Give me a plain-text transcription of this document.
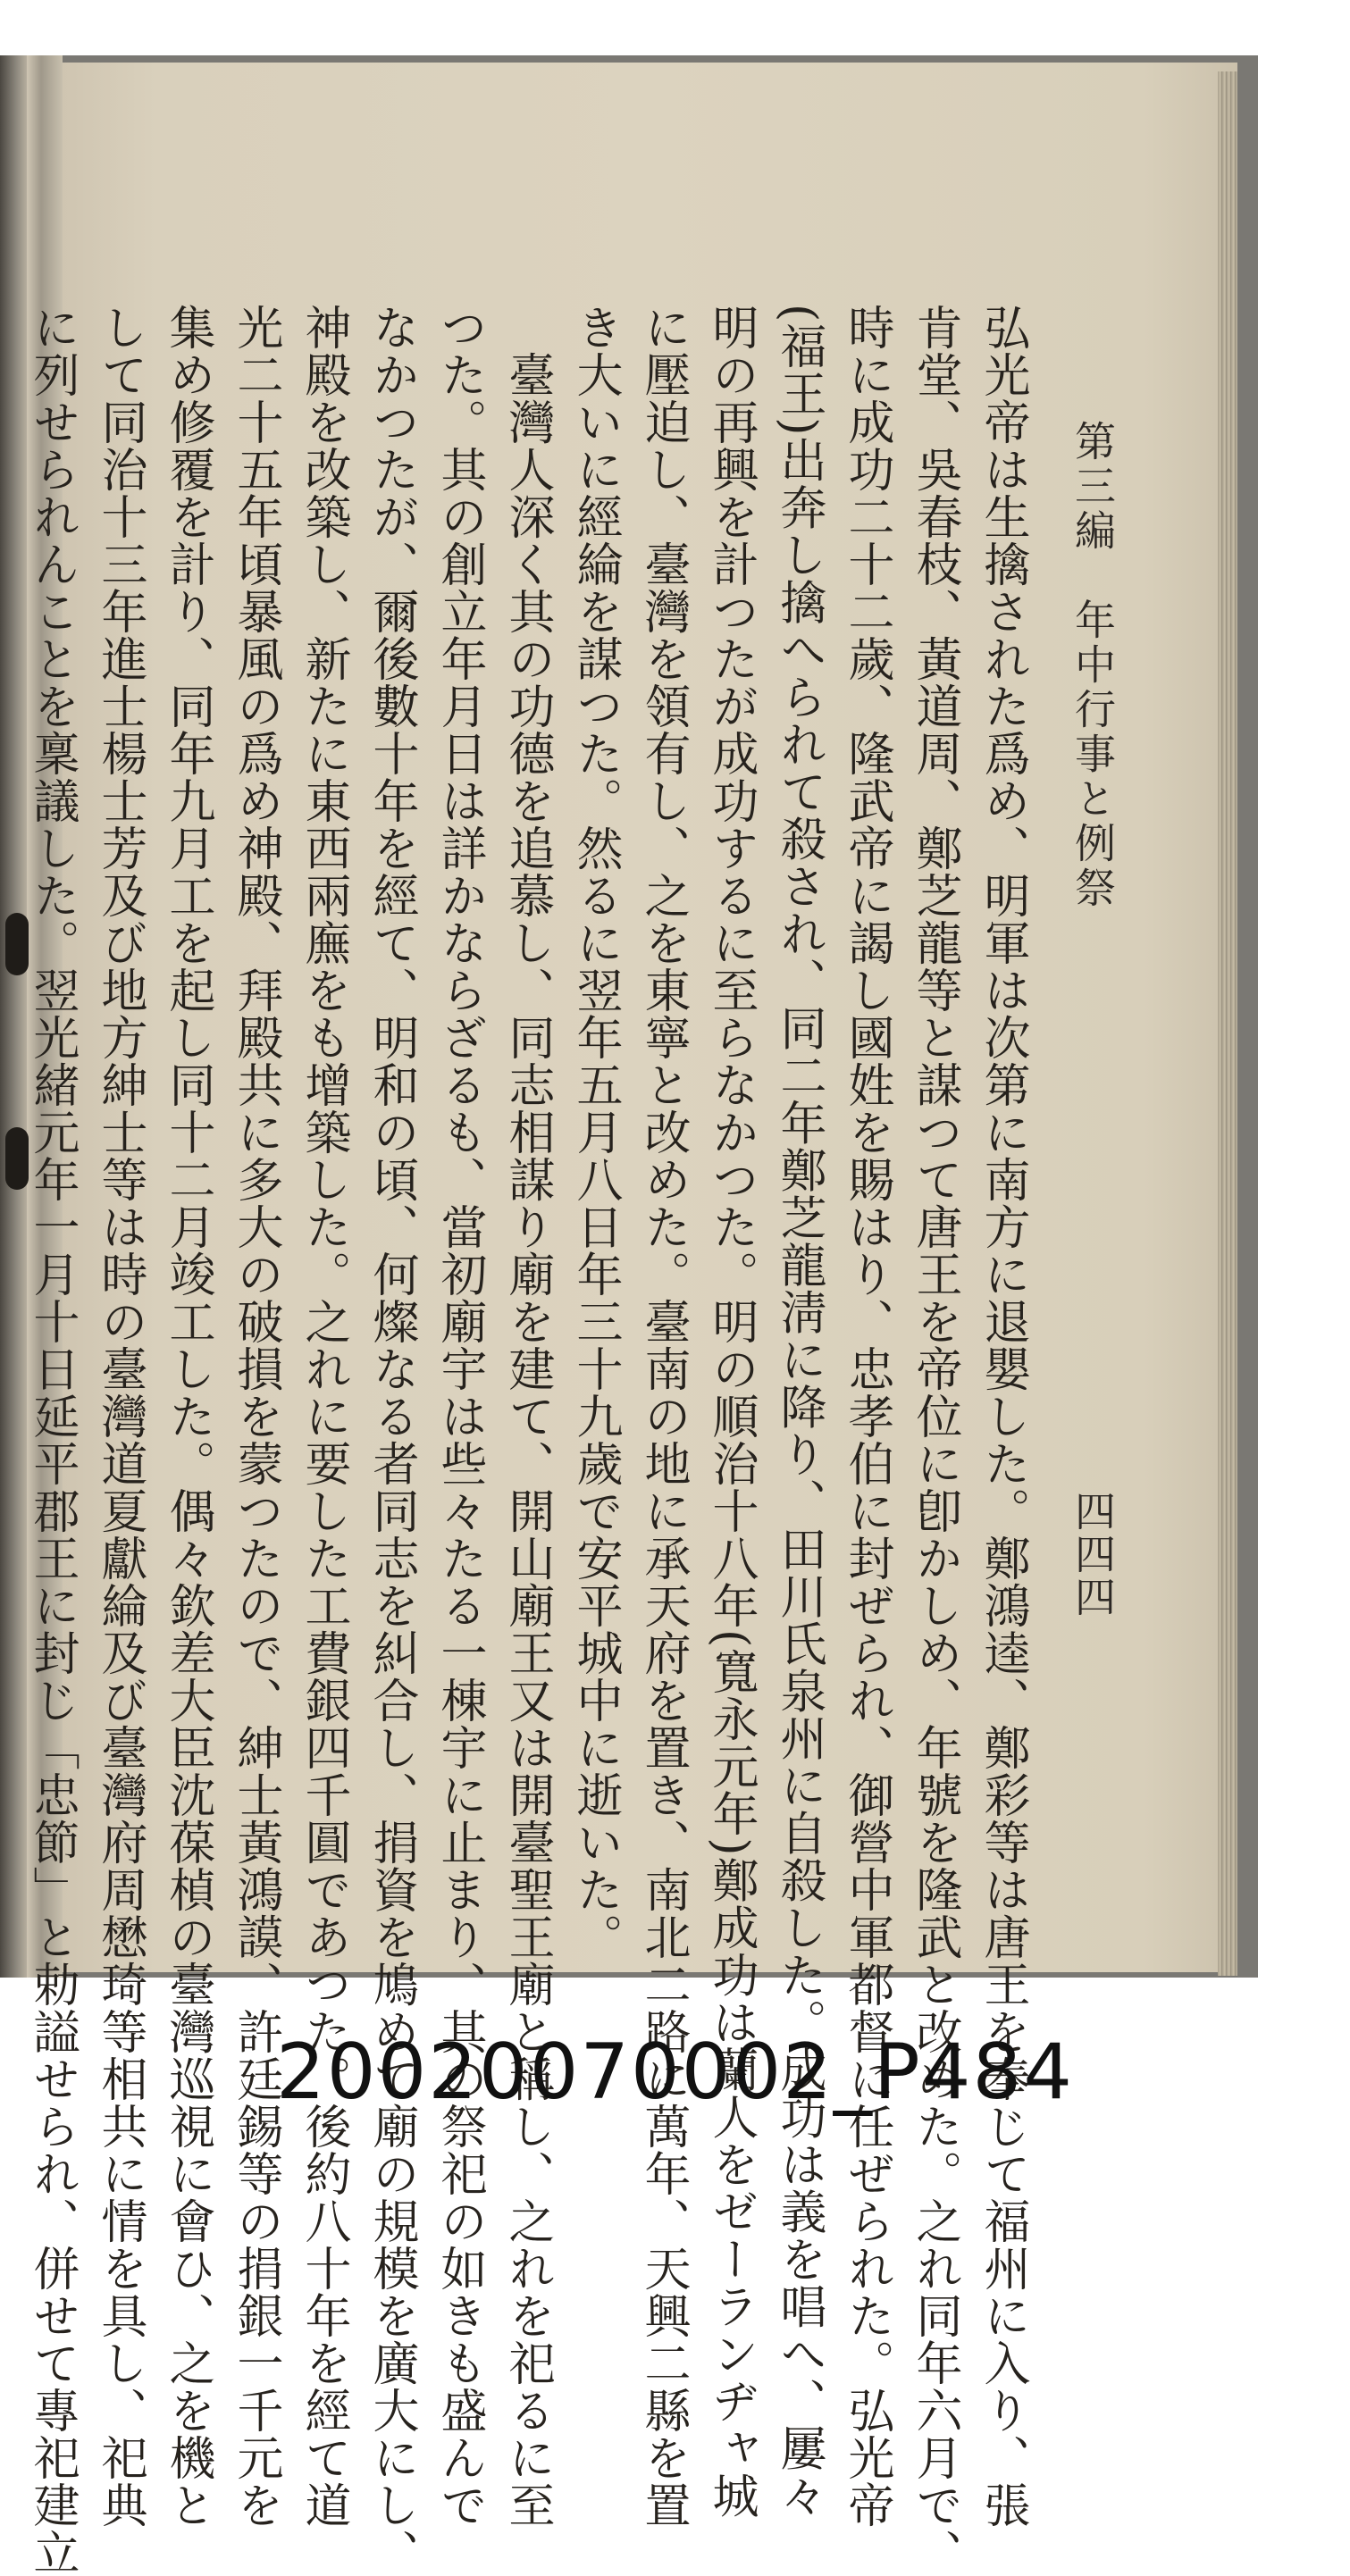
第三編　年中行事と例祭
四四四
弘光帝は生擒された爲め、明軍は次第に南方に退嬰した。鄭鴻逵、鄭彩等は唐王を奉じて福州に入り、張
肯堂、吳春枝、黃道周、鄭芝龍等と謀つて唐王を帝位に卽かしめ、年號を隆武と改めた。之れ同年六月で、
時に成功二十二歲、隆武帝に謁し國姓を賜はり、忠孝伯に封ぜられ、御營中軍都督に任ぜられた。弘光帝
(福王)出奔し擒へられて殺され、同二年鄭芝龍淸に降り、田川氏泉州に自殺した。成功は義を唱へ、屢々
明の再興を計つたが成功するに至らなかつた。明の順治十八年(寬永元年)鄭成功は蘭人をゼーランヂャ城
に壓迫し、臺灣を領有し、之を東寧と改めた。臺南の地に承天府を置き、南北二路に萬年、天興二縣を置
き大いに經綸を謀つた。然るに翌年五月八日年三十九歲で安平城中に逝いた。
　臺灣人深く其の功德を追慕し、同志相謀り廟を建て、開山廟王又は開臺聖王廟と稱し、之れを祀るに至
つた。其の創立年月日は詳かならざるも、當初廟宇は些々たる一棟宇に止まり、其の祭祀の如きも盛んで
なかつたが、爾後數十年を經て、明和の頃、何燦なる者同志を糾合し、捐資を鳩めて廟の規模を廣大にし、
神殿を改築し、新たに東西兩廡をも增築した。之れに要した工費銀四千圓であつた。後約八十年を經て道
光二十五年頃暴風の爲め神殿、拜殿共に多大の破損を蒙つたので、紳士黃鴻謨、許廷錫等の捐銀一千元を
集め修覆を計り、同年九月工を起し同十二月竣工した。偶々欽差大臣沈葆楨の臺灣巡視に會ひ、之を機と
して同治十三年進士楊士芳及び地方紳士等は時の臺灣道夏獻綸及び臺灣府周懋琦等相共に情を具し、祀典
に列せられんことを稟議した。翌光緒元年一月十日延平郡王に封じ「忠節」と勅謚せられ、併せて專祀建立	20020070002_P484
